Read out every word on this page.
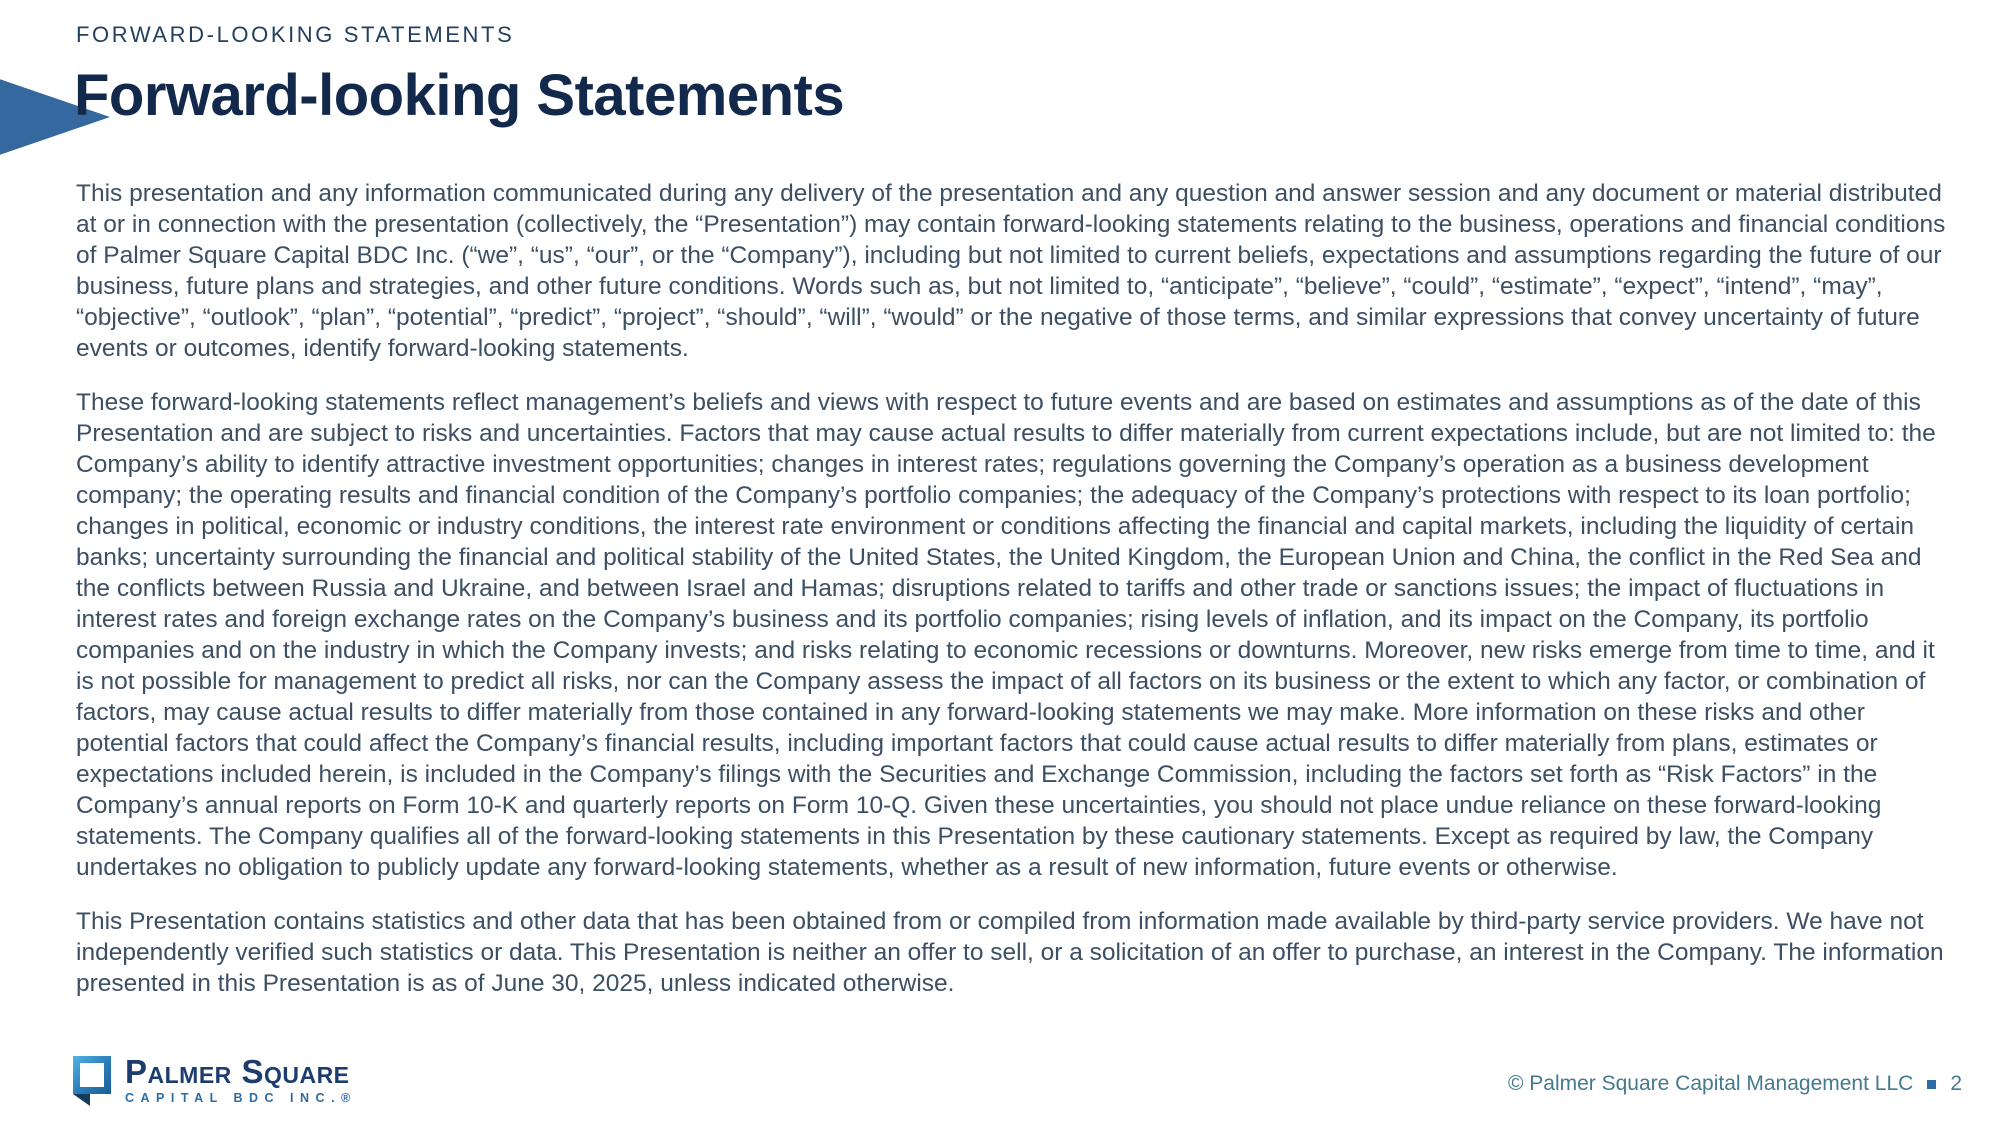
FORWARD-LOOKING STATEMENTS
Forward-looking Statements

This presentation and any information communicated during any delivery of the presentation and any question and answer session and any document or material distributed at or in connection with the presentation (collectively, the “Presentation”) may contain forward-looking statements relating to the business, operations and financial conditions of Palmer Square Capital BDC Inc. (“we”, “us”, “our”, or the “Company”), including but not limited to current beliefs, expectations and assumptions regarding the future of our business, future plans and strategies, and other future conditions. Words such as, but not limited to, “anticipate”, “believe”, “could”, “estimate”, “expect”, “intend”, “may”, “objective”, “outlook”, “plan”, “potential”, “predict”, “project”, “should”, “will”, “would” or the negative of those terms, and similar expressions that convey uncertainty of future events or outcomes, identify forward-looking statements.

These forward-looking statements reflect management’s beliefs and views with respect to future events and are based on estimates and assumptions as of the date of this Presentation and are subject to risks and uncertainties. Factors that may cause actual results to differ materially from current expectations include, but are not limited to: the Company’s ability to identify attractive investment opportunities; changes in interest rates; regulations governing the Company’s operation as a business development company; the operating results and financial condition of the Company’s portfolio companies; the adequacy of the Company’s protections with respect to its loan portfolio; changes in political, economic or industry conditions, the interest rate environment or conditions affecting the financial and capital markets, including the liquidity of certain banks; uncertainty surrounding the financial and political stability of the United States, the United Kingdom, the European Union and China, the conflict in the Red Sea and the conflicts between Russia and Ukraine, and between Israel and Hamas; disruptions related to tariffs and other trade or sanctions issues; the impact of fluctuations in interest rates and foreign exchange rates on the Company’s business and its portfolio companies; rising levels of inflation, and its impact on the Company, its portfolio companies and on the industry in which the Company invests; and risks relating to economic recessions or downturns. Moreover, new risks emerge from time to time, and it is not possible for management to predict all risks, nor can the Company assess the impact of all factors on its business or the extent to which any factor, or combination of factors, may cause actual results to differ materially from those contained in any forward-looking statements we may make. More information on these risks and other potential factors that could affect the Company’s financial results, including important factors that could cause actual results to differ materially from plans, estimates or expectations included herein, is included in the Company’s filings with the Securities and Exchange Commission, including the factors set forth as “Risk Factors” in the Company’s annual reports on Form 10-K and quarterly reports on Form 10-Q. Given these uncertainties, you should not place undue reliance on these forward-looking statements. The Company qualifies all of the forward-looking statements in this Presentation by these cautionary statements. Except as required by law, the Company undertakes no obligation to publicly update any forward-looking statements, whether as a result of new information, future events or otherwise.

This Presentation contains statistics and other data that has been obtained from or compiled from information made available by third-party service providers. We have not independently verified such statistics or data. This Presentation is neither an offer to sell, or a solicitation of an offer to purchase, an interest in the Company. The information presented in this Presentation is as of June 30, 2025, unless indicated otherwise.

Palmer Square
CAPITAL BDC INC.®
© Palmer Square Capital Management LLC 2
